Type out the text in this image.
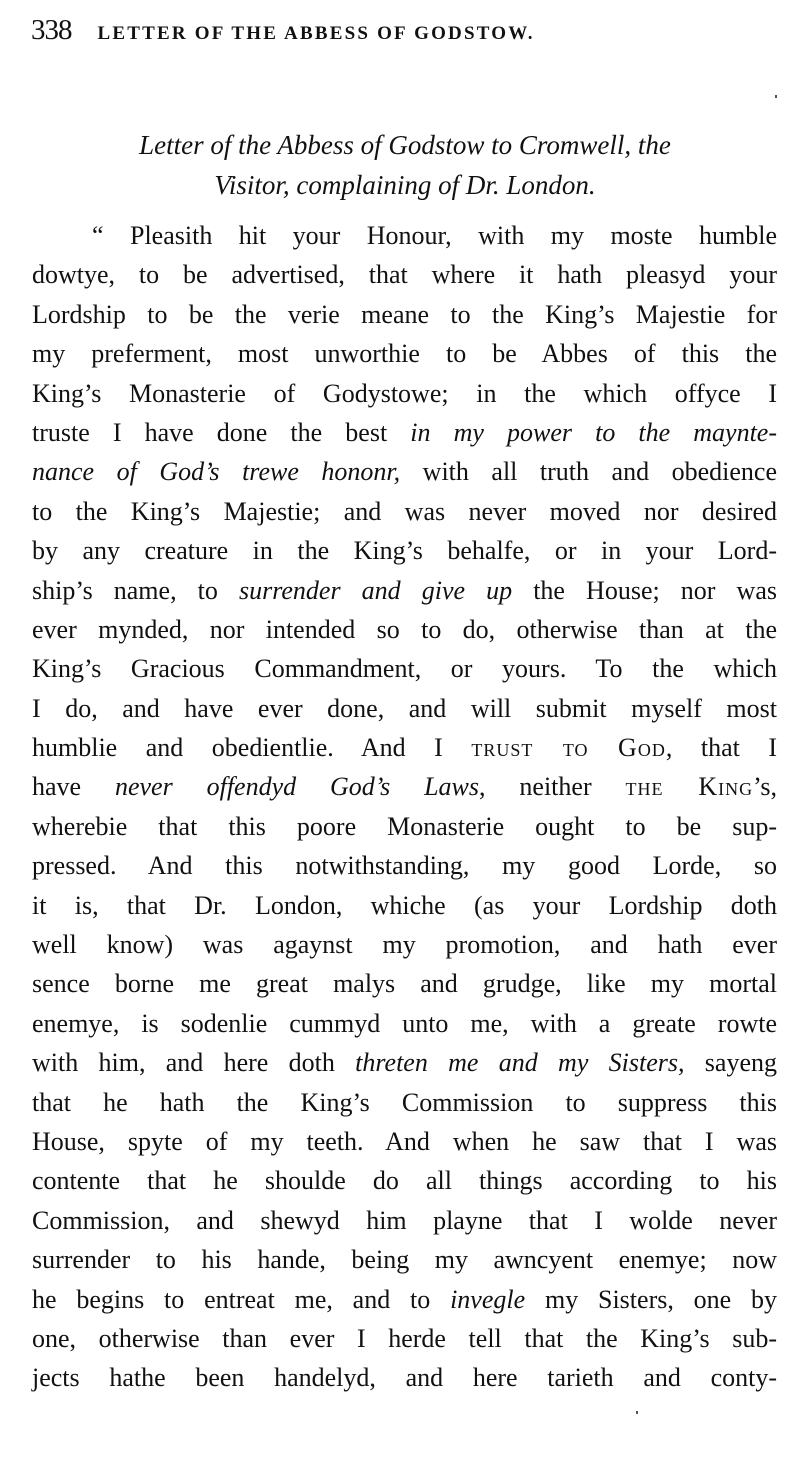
338 LETTER OF THE ABBESS OF GODSTOW.
Letter of the Abbess of Godstow to Cromwell, the
Visitor, complaining of Dr. London.
“ Pleasith hit your Honour, with my moste humble
dowtye, to be advertised, that where it hath pleasyd your
Lordship to be the verie meane to the King’s Majestie for
my preferment, most unworthie to be Abbes of this the
King’s Monasterie of Godystowe; in the which offyce I
truste I have done the best in my power to the maynte-
nance of God’s trewe hononr, with all truth and obedience
to the King’s Majestie; and was never moved nor desired
by any creature in the King’s behalfe, or in your Lord-
ship’s name, to surrender and give up the House; nor was
ever mynded, nor intended so to do, otherwise than at the
King’s Gracious Commandment, or yours. To the which
I do, and have ever done, and will submit myself most
humblie and obedientlie. And I trust to God, that I
have never offendyd God’s Laws, neither the King’s,
wherebie that this poore Monasterie ought to be sup-
pressed. And this notwithstanding, my good Lorde, so
it is, that Dr. London, whiche (as your Lordship doth
well know) was agaynst my promotion, and hath ever
sence borne me great malys and grudge, like my mortal
enemye, is sodenlie cummyd unto me, with a greate rowte
with him, and here doth threten me and my Sisters, sayeng
that he hath the King’s Commission to suppress this
House, spyte of my teeth. And when he saw that I was
contente that he shoulde do all things according to his
Commission, and shewyd him playne that I wolde never
surrender to his hande, being my awncyent enemye; now
he begins to entreat me, and to invegle my Sisters, one by
one, otherwise than ever I herde tell that the King’s sub-
jects hathe been handelyd, and here tarieth and conty-
